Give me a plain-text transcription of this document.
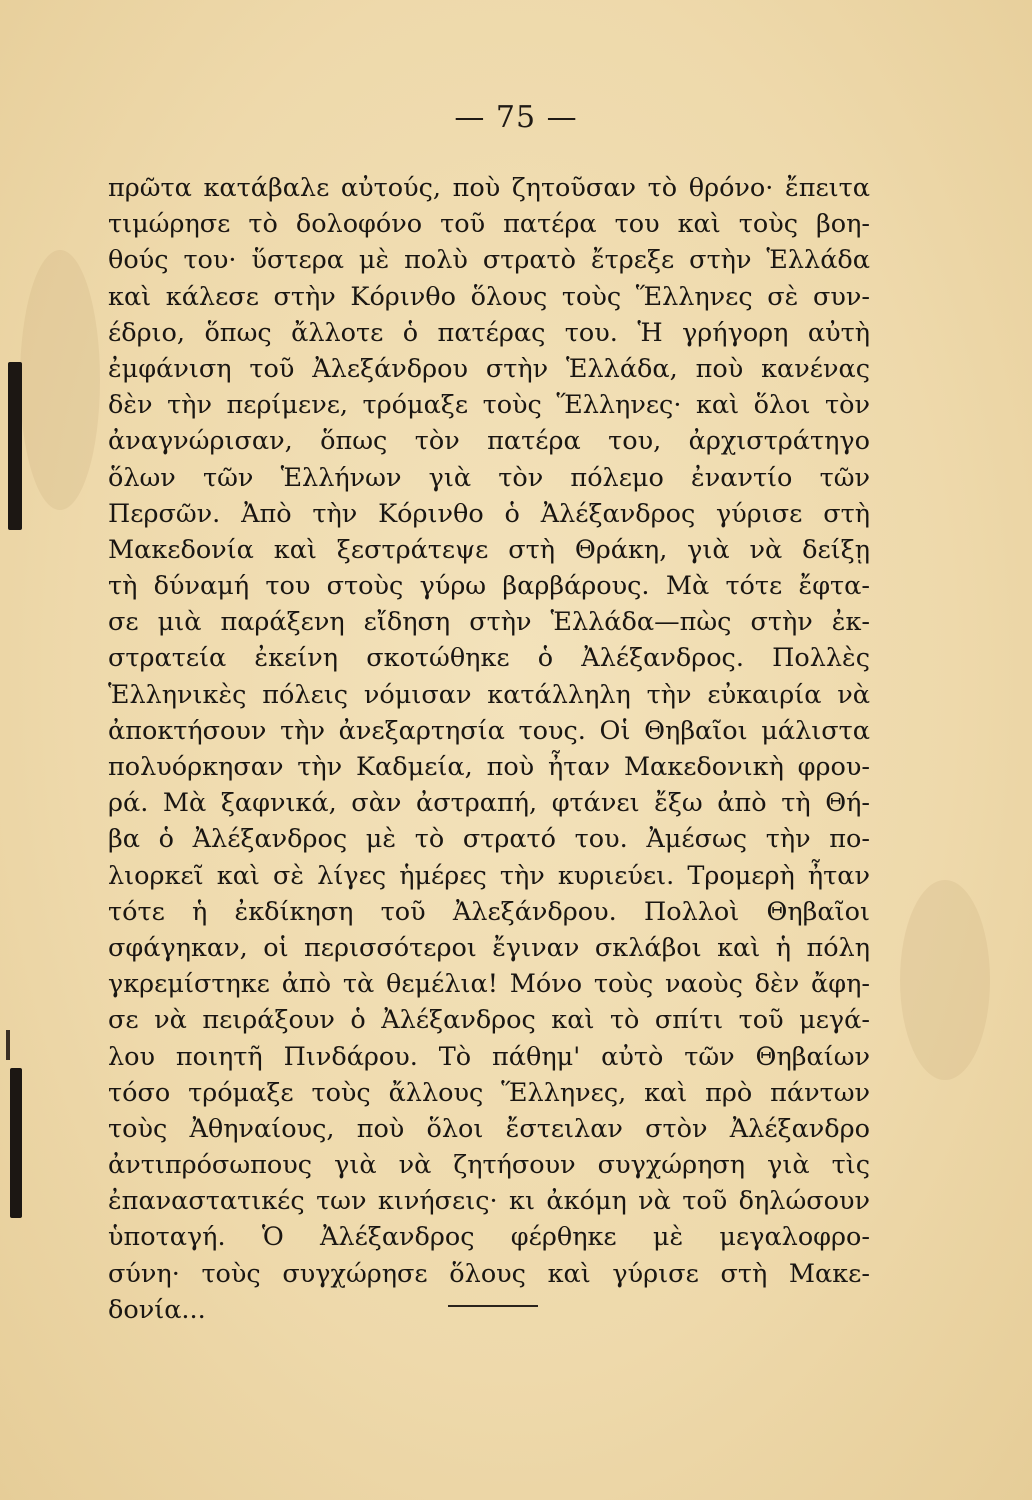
— 75 —
πρῶτα κατάβαλε αὐτούς, ποὺ ζητοῦσαν τὸ θρόνο· ἔπειτα
τιμώρησε τὸ δολοφόνο τοῦ πατέρα του καὶ τοὺς βοη-
θούς του· ὕστερα μὲ πολὺ στρατὸ ἔτρεξε στὴν Ἑλλάδα
καὶ κάλεσε στὴν Κόρινθο ὅλους τοὺς Ἕλληνες σὲ συν-
έδριο, ὅπως ἄλλοτε ὁ πατέρας του. Ἡ γρήγορη αὐτὴ
ἐμφάνιση τοῦ Ἀλεξάνδρου στὴν Ἑλλάδα, ποὺ κανένας
δὲν τὴν περίμενε, τρόμαξε τοὺς Ἕλληνες· καὶ ὅλοι τὸν
ἀναγνώρισαν, ὅπως τὸν πατέρα του, ἀρχιστράτηγο
ὅλων τῶν Ἑλλήνων γιὰ τὸν πόλεμο ἐναντίο τῶν
Περσῶν. Ἀπὸ τὴν Κόρινθο ὁ Ἀλέξανδρος γύρισε στὴ
Μακεδονία καὶ ξεστράτεψε στὴ Θράκη, γιὰ νὰ δείξῃ
τὴ δύναμή του στοὺς γύρω βαρβάρους. Μὰ τότε ἔφτα-
σε μιὰ παράξενη εἴδηση στὴν Ἑλλάδα—πὼς στὴν ἐκ-
στρατεία ἐκείνη σκοτώθηκε ὁ Ἀλέξανδρος. Πολλὲς
Ἑλληνικὲς πόλεις νόμισαν κατάλληλη τὴν εὐκαιρία νὰ
ἀποκτήσουν τὴν ἀνεξαρτησία τους. Οἱ Θηβαῖοι μάλιστα
πολυόρκησαν τὴν Καδμεία, ποὺ ἦταν Μακεδονικὴ φρου-
ρά. Μὰ ξαφνικά, σὰν ἀστραπή, φτάνει ἔξω ἀπὸ τὴ Θή-
βα ὁ Ἀλέξανδρος μὲ τὸ στρατό του. Ἀμέσως τὴν πο-
λιορκεῖ καὶ σὲ λίγες ἡμέρες τὴν κυριεύει. Τρομερὴ ἦταν
τότε ἡ ἐκδίκηση τοῦ Ἀλεξάνδρου. Πολλοὶ Θηβαῖοι
σφάγηκαν, οἱ περισσότεροι ἔγιναν σκλάβοι καὶ ἡ πόλη
γκρεμίστηκε ἀπὸ τὰ θεμέλια! Μόνο τοὺς ναοὺς δὲν ἄφη-
σε νὰ πειράξουν ὁ Ἀλέξανδρος καὶ τὸ σπίτι τοῦ μεγά-
λου ποιητῆ Πινδάρου. Τὸ πάθημ' αὐτὸ τῶν Θηβαίων
τόσο τρόμαξε τοὺς ἄλλους Ἕλληνες, καὶ πρὸ πάντων
τοὺς Ἀθηναίους, ποὺ ὅλοι ἔστειλαν στὸν Ἀλέξανδρο
ἀντιπρόσωπους γιὰ νὰ ζητήσουν συγχώρηση γιὰ τὶς
ἐπαναστατικές των κινήσεις· κι ἀκόμη νὰ τοῦ δηλώσουν
ὑποταγή. Ὁ Ἀλέξανδρος φέρθηκε μὲ μεγαλοφρο-
σύνη· τοὺς συγχώρησε ὅλους καὶ γύρισε στὴ Μακε-
δονία...
